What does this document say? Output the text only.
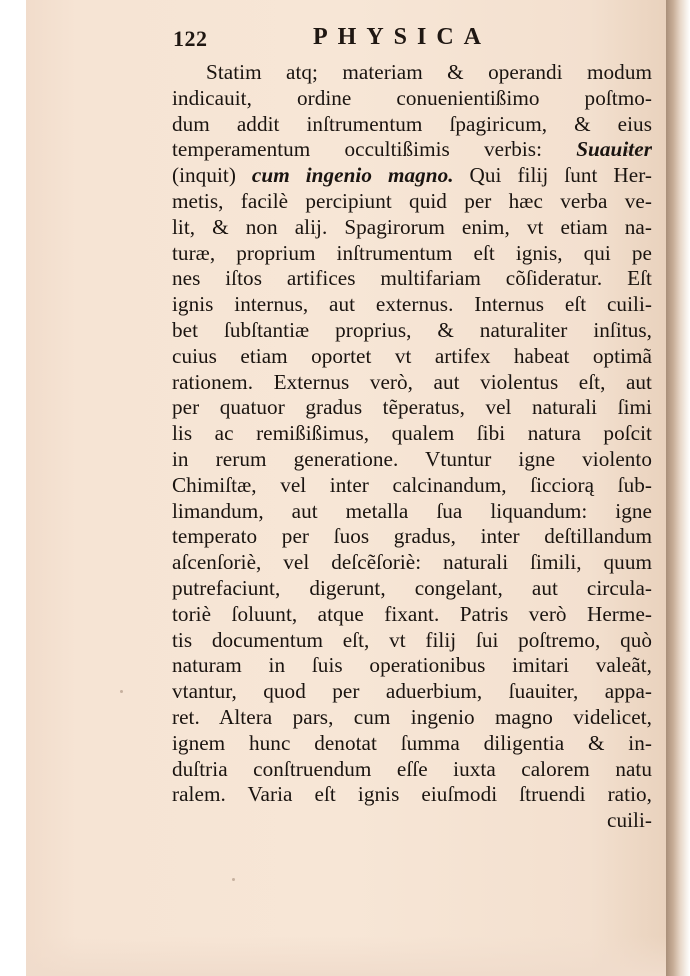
122	PHYSICA
Statim atq; materiam & operandi modum
indicauit, ordine conuenientißimo poſtmo-
dum addit inſtrumentum ſpagiricum, & eius
temperamentum occultißimis verbis: Suauiter
(inquit) cum ingenio magno. Qui filij ſunt Her-
metis, facilè percipiunt quid per hæc verba ve-
lit, & non alij. Spagirorum enim, vt etiam na-
turæ, proprium inſtrumentum eſt ignis, qui pe
nes iſtos artifices multifariam cõſideratur. Eſt
ignis internus, aut externus. Internus eſt cuili-
bet ſubſtantiæ proprius, & naturaliter inſitus,
cuius etiam oportet vt artifex habeat optimã
rationem. Externus verò, aut violentus eſt, aut
per quatuor gradus tẽperatus, vel naturali ſimi
lis ac remißißimus, qualem ſibi natura poſcit
in rerum generatione. Vtuntur igne violento
Chimiſtæ, vel inter calcinandum, ſicciorą ſub-
limandum, aut metalla ſua liquandum: igne
temperato per ſuos gradus, inter deſtillandum
aſcenſoriè, vel deſcẽſoriè: naturali ſimili, quum
putrefaciunt, digerunt, congelant, aut circula-
toriè ſoluunt, atque fixant. Patris verò Herme-
tis documentum eſt, vt filij ſui poſtremo, quò
naturam in ſuis operationibus imitari valeãt,
vtantur, quod per aduerbium, ſuauiter, appa-
ret. Altera pars, cum ingenio magno videlicet,
ignem hunc denotat ſumma diligentia & in-
duſtria conſtruendum eſſe iuxta calorem natu
ralem. Varia eſt ignis eiuſmodi ſtruendi ratio,
cuili-
